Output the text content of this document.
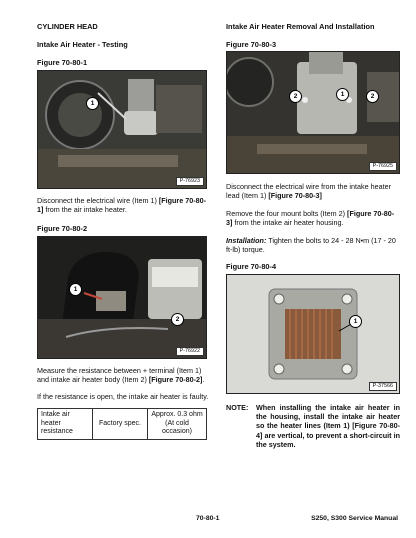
CYLINDER HEAD
Intake Air Heater - Testing
Figure 70-80-1
1
P-76923
Disconnect the electrical wire (Item 1) [Figure 70-80-1] from the air intake heater.
Figure 70-80-2
1
2
P-76922
Measure the resistance between + terminal (Item 1) and intake air heater body (Item 2) [Figure 70-80-2].
If the resistance is open, the intake air heater is faulty.
Intake air heater resistance	Factory spec.	Approx. 0.3 ohm (At cold occasion)
Intake Air Heater Removal And Installation
Figure 70-80-3
2	1	2
P-76925
Disconnect the electrical wire from the intake heater lead (Item 1) [Figure 70-80-3]
Remove the four mount bolts (Item 2) [Figure 70-80-3] from the intake air heater housing.
Installation: Tighten the bolts to 24 - 28 N•m (17 - 20 ft-lb) torque.
Figure 70-80-4
1
P-37566
NOTE:	When installing the intake air heater in the housing, install the intake air heater so the heater lines (Item 1) [Figure 70-80-4] are vertical, to prevent a short-circuit in the system.
70-80-1	S250, S300 Service Manual
